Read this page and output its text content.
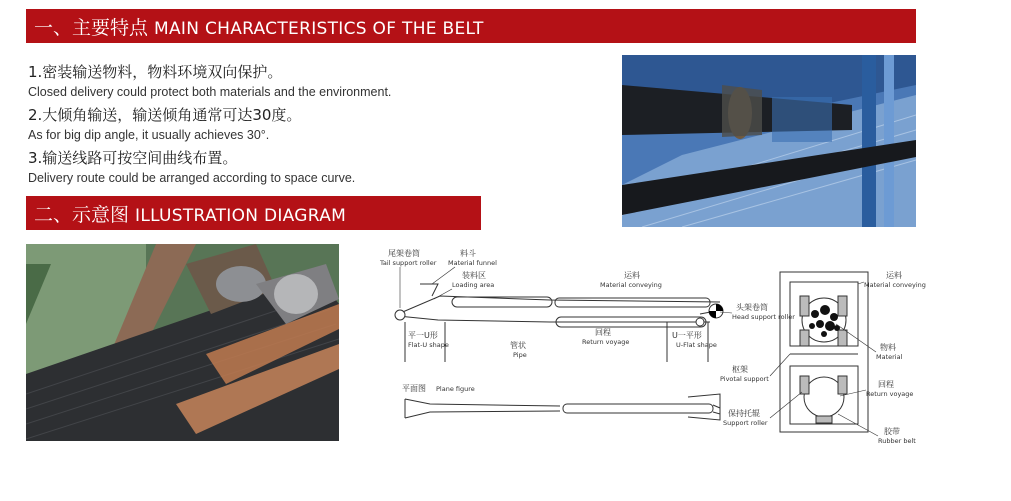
一、主要特点 MAIN CHARACTERISTICS OF THE BELT
1.密装输送物料，物料环境双向保护。
Closed delivery could protect both materials and the environment.
2.大倾角输送，输送倾角通常可达30度。
As for big dip angle, it usually achieves 30°.
3.输送线路可按空间曲线布置。
Delivery route could be arranged according to space curve.
二、示意图 ILLUSTRATION DIAGRAM
尾架卷筒
Tail support roller
料斗
Material funnel
装料区
Loading area
运料
Material conveying
头架卷筒
Head support roller
平一U形
Flat-U shape	管状
Pipe
回程
Return voyage
U一平形
U-Flat shape
平面图 Plane figure
枢架
Pivotal support
保持托辊
Support roller
运料
Material conveying
物料
Material
回程
Return voyage
胶带
Rubber belt
